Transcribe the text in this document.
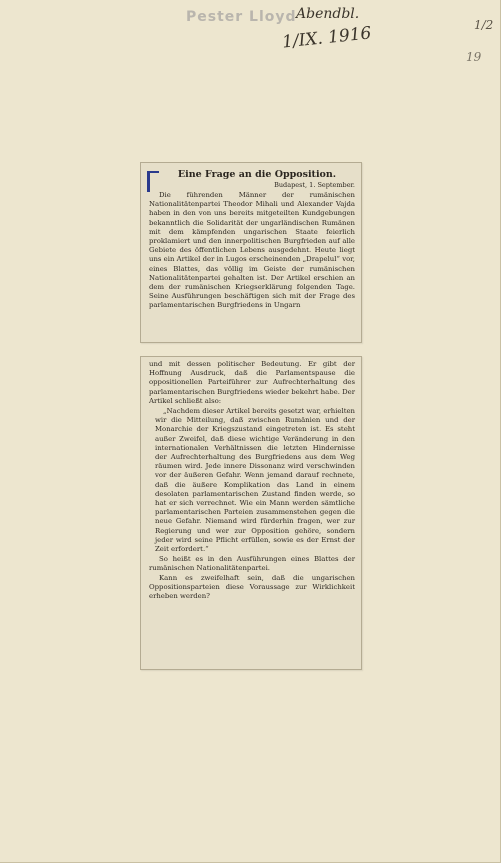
Pester Lloyd Abendbl.
1/IX. 1916	1/2
19
Eine Frage an die Opposition.
Budapest, 1. September.

Die führenden Männer der rumänischen Nationalitätenpartei Theodor Mihali und Alexander Vajda haben in den von uns bereits mitgeteilten Kundgebungen bekanntlich die Solidarität der ungarländischen Rumänen mit dem kämpfenden ungarischen Staate feierlich proklamiert und den innerpolitischen Burgfrieden auf alle Gebiete des öffentlichen Lebens ausgedehnt. Heute liegt uns ein Artikel der in Lugos erscheinenden „Drapelul“ vor, eines Blattes, das völlig im Geiste der rumänischen Nationalitätenpartei gehalten ist. Der Artikel erschien an dem der rumänischen Kriegserklärung folgenden Tage. Seine Ausführungen beschäftigen sich mit der Frage des parlamentarischen Burgfriedens in Ungarn

und mit dessen politischer Bedeutung. Er gibt der Hoffnung Ausdruck, daß die Parlamentspause die oppositionellen Parteiführer zur Aufrechterhaltung des parlamentarischen Burgfriedens wieder bekehrt habe. Der Artikel schließt also:

„Nachdem dieser Artikel bereits gesetzt war, erhielten wir die Mitteilung, daß zwischen Rumänien und der Monarchie der Kriegszustand eingetreten ist. Es steht außer Zweifel, daß diese wichtige Veränderung in den internationalen Verhältnissen die letzten Hindernisse der Aufrechterhaltung des Burgfriedens aus dem Weg räumen wird. Jede innere Dissonanz wird verschwinden vor der äußeren Gefahr. Wenn jemand darauf rechnete, daß die äußere Komplikation das Land in einem desolaten parlamentarischen Zustand finden werde, so hat er sich verrechnet. Wie ein Mann werden sämtliche parlamentarischen Parteien zusammenstehen gegen die neue Gefahr. Niemand wird fürderhin fragen, wer zur Regierung und wer zur Opposition gehöre, sondern jeder wird seine Pflicht erfüllen, sowie es der Ernst der Zeit erfordert.“

So heißt es in den Ausführungen eines Blattes der rumänischen Nationalitätenpartei.

Kann es zweifelhaft sein, daß die ungarischen Oppositionsparteien diese Voraussage zur Wirklichkeit erheben werden?
